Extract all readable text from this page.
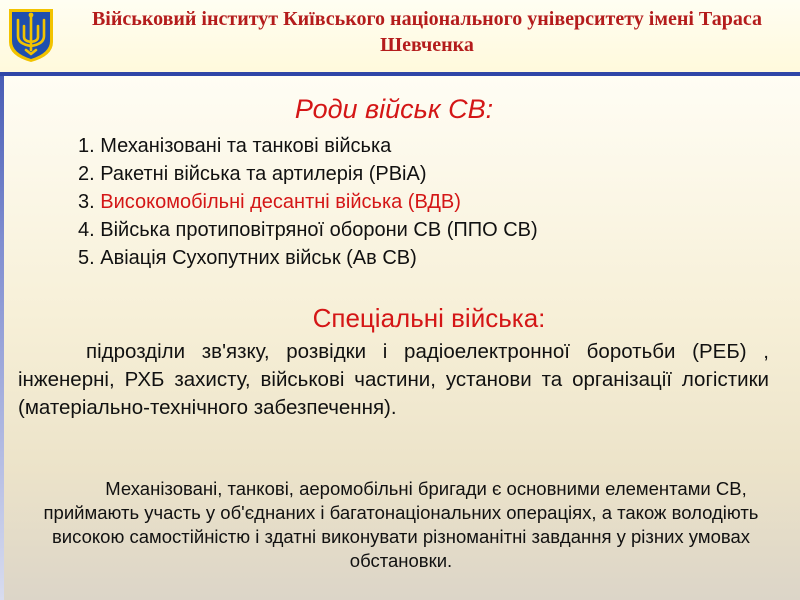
Військовий інститут Київського національного університету імені Тараса Шевченка
Роди військ СВ:
1. Механізовані та танкові війська
2. Ракетні війська та артилерія (РВіА)
3. Високомобільні десантні війська (ВДВ)
4. Війська протиповітряної оборони СВ (ППО СВ)
5. Авіація Сухопутних військ (Ав СВ)
Спеціальні війська:

підрозділи зв'язку, розвідки і радіоелектронної боротьби (РЕБ) , інженерні, РХБ захисту, військові частини, установи та організації логістики (матеріально-технічного забезпечення).

Механізовані, танкові, аеромобільні бригади є основними елементами СВ, приймають участь у об'єднаних і багатонаціональних операціях, а також володіють високою самостійністю і здатні виконувати різноманітні завдання у різних умовах обстановки.
